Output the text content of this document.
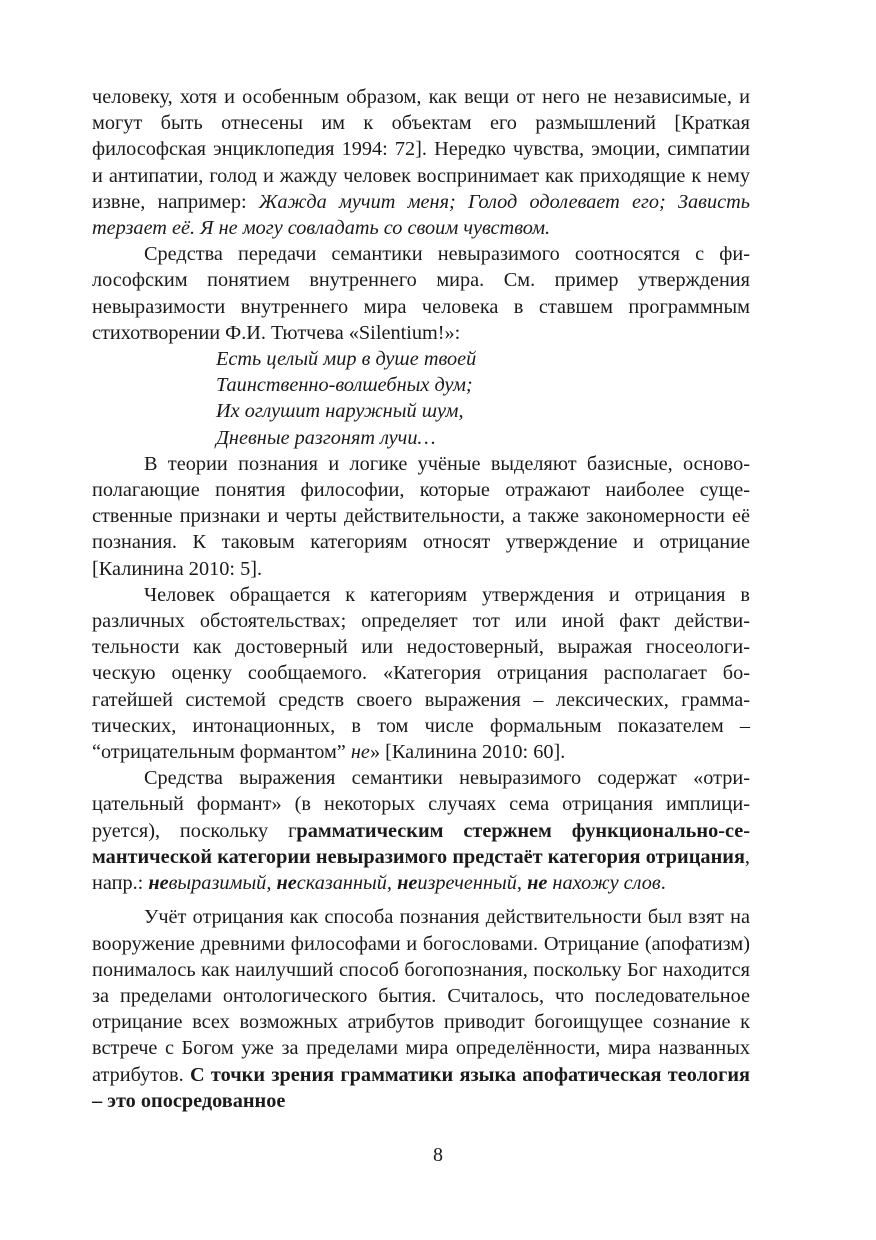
человеку, хотя и особенным образом, как вещи от него не независимые, и могут быть отнесены им к объектам его размышлений [Краткая философская энциклопедия 1994: 72]. Нередко чувства, эмоции, симпатии и антипатии, голод и жажду человек воспринимает как приходящие к нему извне, например: Жажда мучит меня; Голод одолевает его; Зависть терзает её. Я не могу совладать со своим чувством.

Средства передачи семантики невыразимого соотносятся с философским понятием внутреннего мира. См. пример утверждения невыразимости внутреннего мира человека в ставшем программным стихотворении Ф.И. Тютчева «Silentium!»:

Есть целый мир в душе твоей
Таинственно-волшебных дум;
Их оглушит наружный шум,
Дневные разгонят лучи…

В теории познания и логике учёные выделяют базисные, основополагающие понятия философии, которые отражают наиболее существенные признаки и черты действительности, а также закономерности её познания. К таковым категориям относят утверждение и отрицание [Калинина 2010: 5].

Человек обращается к категориям утверждения и отрицания в различных обстоятельствах; определяет тот или иной факт действительности как достоверный или недостоверный, выражая гносеологическую оценку сообщаемого. «Категория отрицания располагает богатейшей системой средств своего выражения – лексических, грамматических, интонационных, в том числе формальным показателем – “отрицательным формантом” не» [Калинина 2010: 60].

Средства выражения семантики невыразимого содержат «отрицательный формант» (в некоторых случаях сема отрицания имплицируется), поскольку грамматическим стержнем функционально-семантической категории невыразимого предстаёт категория отрицания, напр.: невыразимый, несказанный, неизреченный, не нахожу слов.

Учёт отрицания как способа познания действительности был взят на вооружение древними философами и богословами. Отрицание (апофатизм) понималось как наилучший способ богопознания, поскольку Бог находится за пределами онтологического бытия. Считалось, что последовательное отрицание всех возможных атрибутов приводит богоищущее сознание к встрече с Богом уже за пределами мира определённости, мира названных атрибутов. С точки зрения грамматики языка апофатическая теология – это опосредованное

8
